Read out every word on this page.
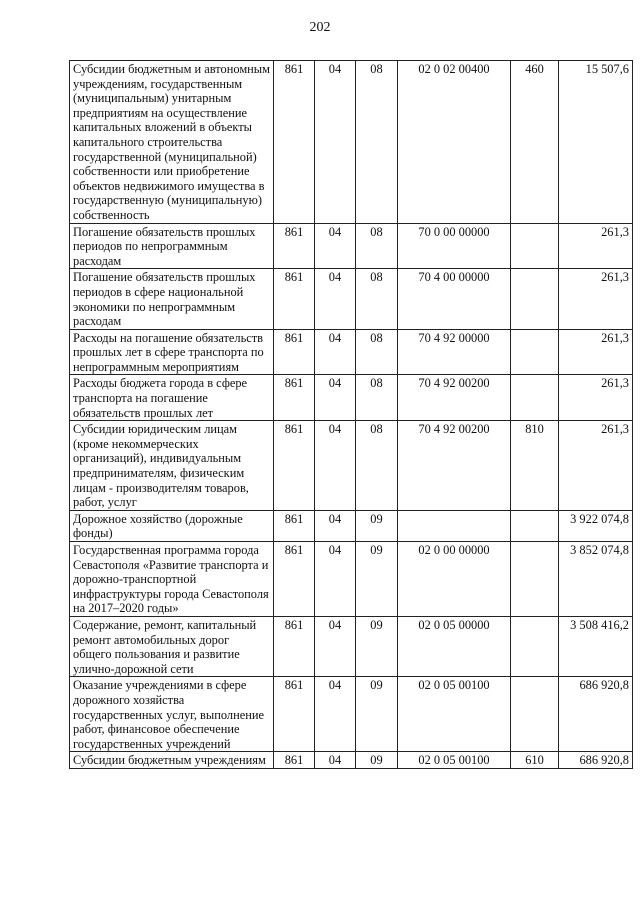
202
Субсидии бюджетным и автономным учреждениям, государственным (муниципальным) унитарным предприятиям на осуществление капитальных вложений в объекты капитального строительства государственной (муниципальной) собственности или приобретение объектов недвижимого имущества в государственную (муниципальную) собственность	861	04	08	02 0 02 00400	460	15 507,6
Погашение обязательств прошлых периодов по непрограммным расходам	861	04	08	70 0 00 00000		261,3
Погашение обязательств прошлых периодов в сфере национальной экономики по непрограммным расходам	861	04	08	70 4 00 00000		261,3
Расходы на погашение обязательств прошлых лет в сфере транспорта по непрограммным мероприятиям	861	04	08	70 4 92 00000		261,3
Расходы бюджета города в сфере транспорта на погашение обязательств прошлых лет	861	04	08	70 4 92 00200		261,3
Субсидии юридическим лицам (кроме некоммерческих организаций), индивидуальным предпринимателям, физическим лицам - производителям товаров, работ, услуг	861	04	08	70 4 92 00200	810	261,3
Дорожное хозяйство (дорожные фонды)	861	04	09			3 922 074,8
Государственная программа города Севастополя «Развитие транспорта и дорожно-транспортной инфраструктуры города Севастополя на 2017–2020 годы»	861	04	09	02 0 00 00000		3 852 074,8
Содержание, ремонт, капитальный ремонт автомобильных дорог общего пользования и развитие улично-дорожной сети	861	04	09	02 0 05 00000		3 508 416,2
Оказание учреждениями в сфере дорожного хозяйства государственных услуг, выполнение работ, финансовое обеспечение государственных учреждений	861	04	09	02 0 05 00100		686 920,8
Субсидии бюджетным учреждениям	861	04	09	02 0 05 00100	610	686 920,8
